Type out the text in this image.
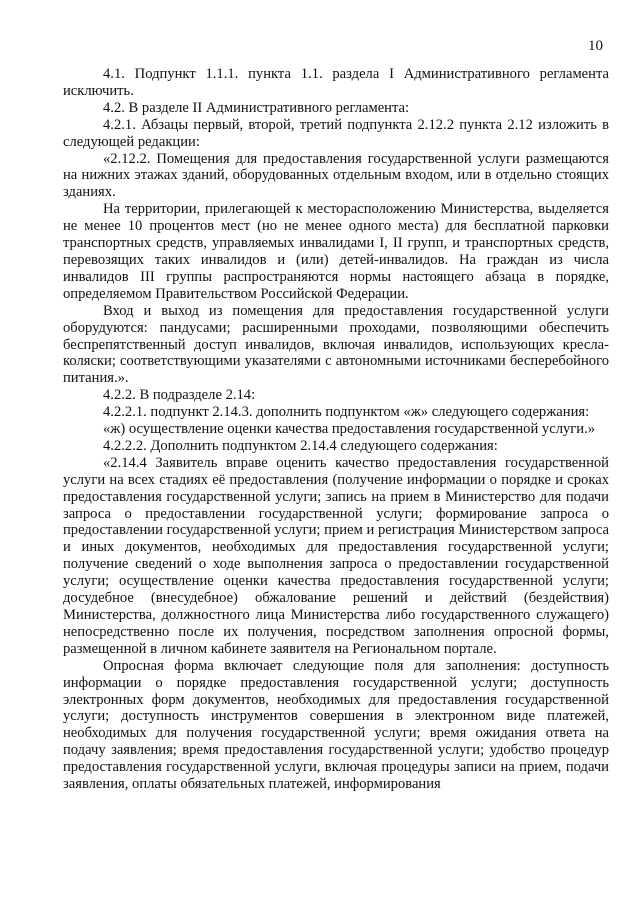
10

4.1. Подпункт 1.1.1. пункта 1.1. раздела I Административного регламента исключить.

4.2. В разделе II Административного регламента:

4.2.1. Абзацы первый, второй, третий подпункта 2.12.2 пункта 2.12 изложить в следующей редакции:

«2.12.2. Помещения для предоставления государственной услуги размещаются на нижних этажах зданий, оборудованных отдельным входом, или в отдельно стоящих зданиях.

На территории, прилегающей к месторасположению Министерства, выделяется не менее 10 процентов мест (но не менее одного места) для бесплатной парковки транспортных средств, управляемых инвалидами I, II групп, и транспортных средств, перевозящих таких инвалидов и (или) детей-инвалидов. На граждан из числа инвалидов III группы распространяются нормы настоящего абзаца в порядке, определяемом Правительством Российской Федерации.

Вход и выход из помещения для предоставления государственной услуги оборудуются: пандусами; расширенными проходами, позволяющими обеспечить беспрепятственный доступ инвалидов, включая инвалидов, использующих кресла-коляски; соответствующими указателями с автономными источниками бесперебойного питания.».

4.2.2. В подразделе 2.14:

4.2.2.1. подпункт 2.14.3. дополнить подпунктом «ж» следующего содержания:

«ж) осуществление оценки качества предоставления государственной услуги.»

4.2.2.2. Дополнить подпунктом 2.14.4 следующего содержания:

«2.14.4 Заявитель вправе оценить качество предоставления государственной услуги на всех стадиях её предоставления (получение информации о порядке и сроках предоставления государственной услуги; запись на прием в Министерство для подачи запроса о предоставлении государственной услуги; формирование запроса о предоставлении государственной услуги; прием и регистрация Министерством запроса и иных документов, необходимых для предоставления государственной услуги; получение сведений о ходе выполнения запроса о предоставлении государственной услуги; осуществление оценки качества предоставления государственной услуги; досудебное (внесудебное) обжалование решений и действий (бездействия) Министерства, должностного лица Министерства либо государственного служащего) непосредственно после их получения, посредством заполнения опросной формы, размещенной в личном кабинете заявителя на Региональном портале.

Опросная форма включает следующие поля для заполнения: доступность информации о порядке предоставления государственной услуги; доступность электронных форм документов, необходимых для предоставления государственной услуги; доступность инструментов совершения в электронном виде платежей, необходимых для получения государственной услуги; время ожидания ответа на подачу заявления; время предоставления государственной услуги; удобство процедур предоставления государственной услуги, включая процедуры записи на прием, подачи заявления, оплаты обязательных платежей, информирования
